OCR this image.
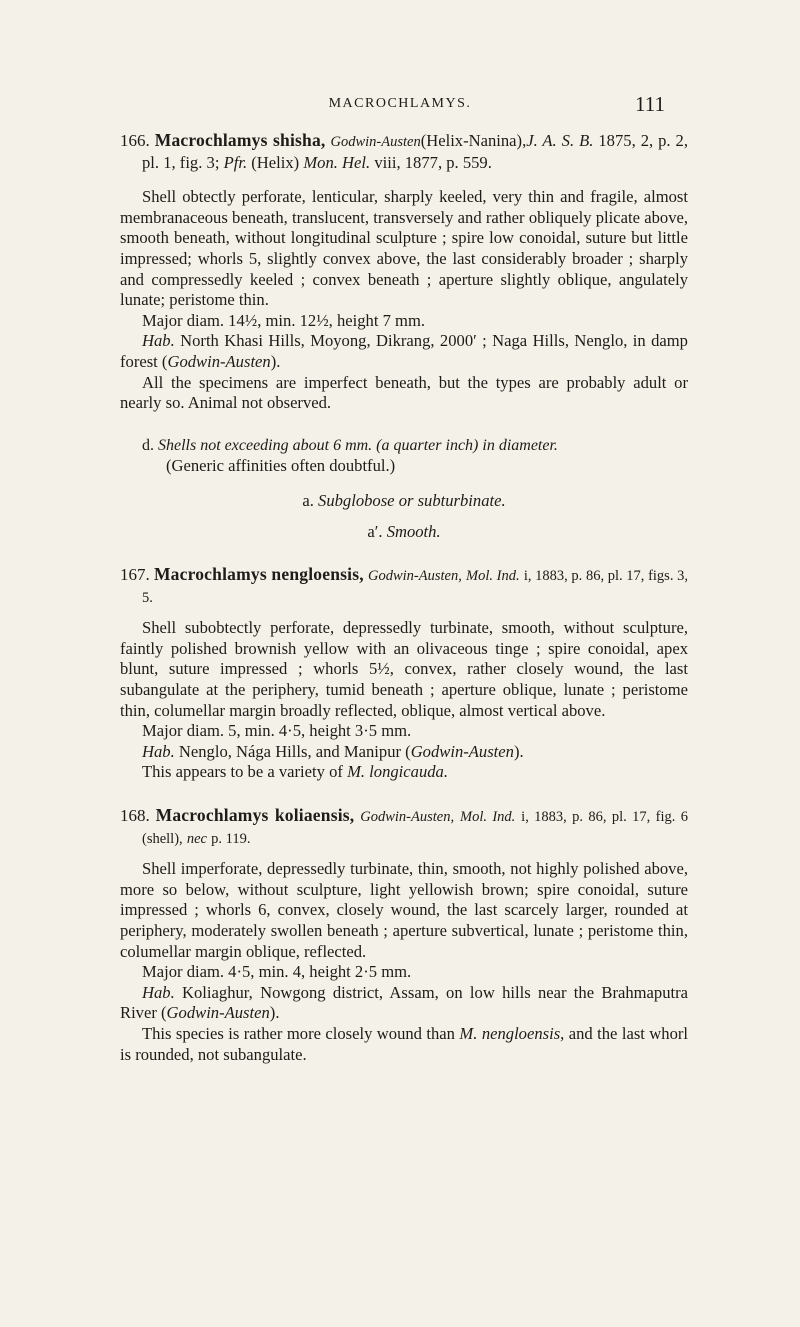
MACROCHLAMYS.	111

166. Macrochlamys shisha, Godwin-Austen(Helix-Nanina),J. A. S. B. 1875, 2, p. 2, pl. 1, fig. 3; Pfr. (Helix) Mon. Hel. viii, 1877, p. 559.

Shell obtectly perforate, lenticular, sharply keeled, very thin and fragile, almost membranaceous beneath, translucent, transversely and rather obliquely plicate above, smooth beneath, without longitudinal sculpture ; spire low conoidal, suture but little impressed; whorls 5, slightly convex above, the last considerably broader ; sharply and compressedly keeled ; convex beneath ; aperture slightly oblique, angulately lunate; peristome thin.

Major diam. 14½, min. 12½, height 7 mm.

Hab. North Khasi Hills, Moyong, Dikrang, 2000′ ; Naga Hills, Nenglo, in damp forest (Godwin-Austen).

All the specimens are imperfect beneath, but the types are probably adult or nearly so. Animal not observed.

d. Shells not exceeding about 6 mm. (a quarter inch) in diameter.

(Generic affinities often doubtful.)

a. Subglobose or subturbinate.

a′. Smooth.

167. Macrochlamys nengloensis, Godwin-Austen, Mol. Ind. i, 1883, p. 86, pl. 17, figs. 3, 5.

Shell subobtectly perforate, depressedly turbinate, smooth, without sculpture, faintly polished brownish yellow with an olivaceous tinge ; spire conoidal, apex blunt, suture impressed ; whorls 5½, convex, rather closely wound, the last subangulate at the periphery, tumid beneath ; aperture oblique, lunate ; peristome thin, columellar margin broadly reflected, oblique, almost vertical above.

Major diam. 5, min. 4·5, height 3·5 mm.

Hab. Nenglo, Nága Hills, and Manipur (Godwin-Austen).

This appears to be a variety of M. longicauda.

168. Macrochlamys koliaensis, Godwin-Austen, Mol. Ind. i, 1883, p. 86, pl. 17, fig. 6 (shell), nec p. 119.

Shell imperforate, depressedly turbinate, thin, smooth, not highly polished above, more so below, without sculpture, light yellowish brown; spire conoidal, suture impressed ; whorls 6, convex, closely wound, the last scarcely larger, rounded at periphery, moderately swollen beneath ; aperture subvertical, lunate ; peristome thin, columellar margin oblique, reflected.

Major diam. 4·5, min. 4, height 2·5 mm.

Hab. Koliaghur, Nowgong district, Assam, on low hills near the Brahmaputra River (Godwin-Austen).

This species is rather more closely wound than M. nengloensis, and the last whorl is rounded, not subangulate.
